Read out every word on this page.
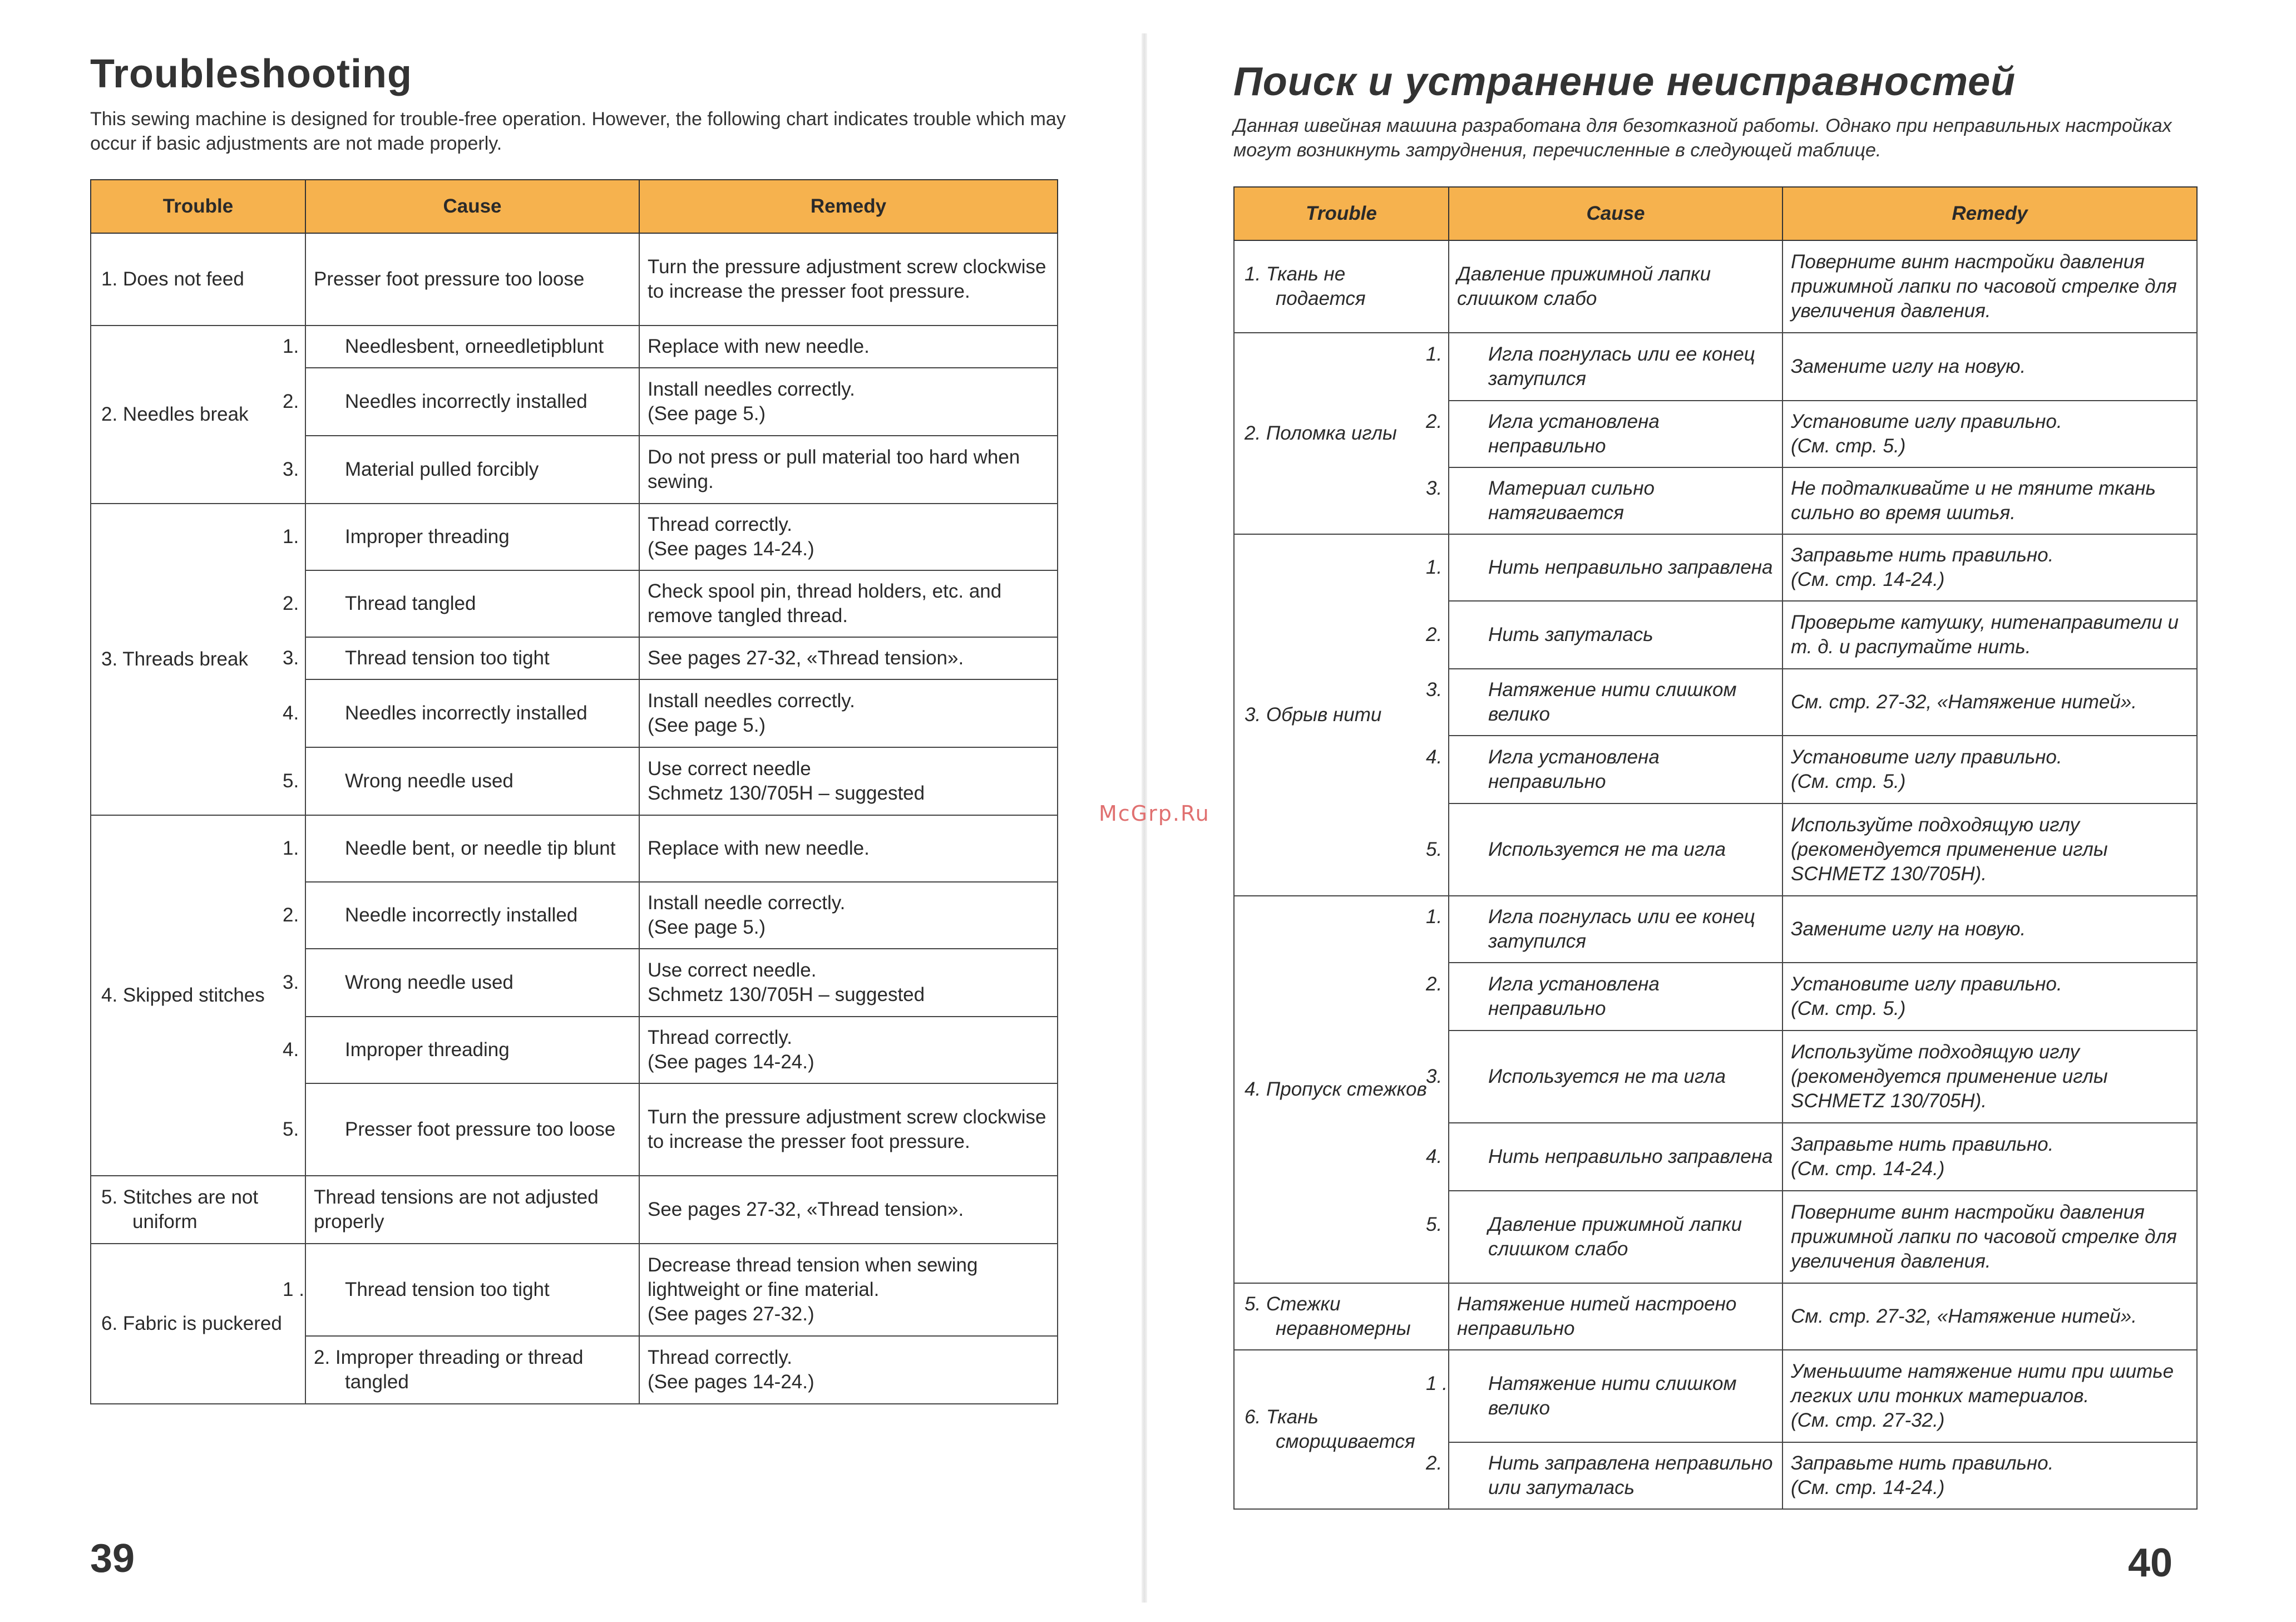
Troubleshooting
This sewing machine is designed for trouble-free operation. However, the following chart indicates trouble which may occur if basic adjustments are not made properly.
Trouble	Cause	Remedy
1. Does not feed	Presser foot pressure too loose	Turn the pressure adjustment screw clockwise to increase the presser foot pressure.
2. Needles break	1. Needlesbent, orneedletipblunt	Replace with new needle.

	2. Needles incorrectly installed	Install needles correctly.
(See page 5.)

	3. Material pulled forcibly	Do not press or pull material too hard when sewing.
3. Threads break	1. Improper threading	Thread correctly.
(See pages 14-24.)

	2. Thread tangled	Check spool pin, thread holders, etc. and remove tangled thread.

	3. Thread tension too tight	See pages 27-32, «Thread tension».

	4. Needles incorrectly installed	Install needles correctly.
(See page 5.)

	5. Wrong needle used	Use correct needle
Schmetz 130/705H – suggested
4. Skipped stitches	1. Needle bent, or needle tip blunt	Replace with new needle.

	2. Needle incorrectly installed	Install needle correctly.
(See page 5.)

	3. Wrong needle used	Use correct needle.
Schmetz 130/705H – suggested

	4. Improper threading	Thread correctly.
(See pages 14-24.)

	5. Presser foot pressure too loose	Turn the pressure adjustment screw clockwise to increase the presser foot pressure.

5. Stitches are not uniform	Thread tensions are not adjusted properly	See pages 27-32, «Thread tension».

6. Fabric is puckered	1 . Thread tension too tight	Decrease thread tension when sewing lightweight or fine material.
(See pages 27-32.)

	2. Improper threading or thread tangled	Thread correctly.
(See pages 14-24.)
39
Поиск и устранение неисправностей
Данная швейная машина разработана для безотказной работы. Однако при неправильных настройках могут возникнуть затруднения, перечисленные в следующей таблице.
Trouble	Cause	Remedy

1. Ткань не подается	Давление прижимной лапки слишком слабо	Поверните винт настройки давления прижимной лапки по часовой стрелке для увеличения давления.
2. Поломка иглы	1. Игла погнулась или ее конец затупился	Замените иглу на новую.

	2. Игла установлена неправильно	Установите иглу правильно.
(См. стр. 5.)

	3. Материал сильно натягивается	Не подталкивайте и не тяните ткань сильно во время шитья.
3. Обрыв нити	1. Нить неправильно заправлена	Заправьте нить правильно.
(См. стр. 14-24.)

	2. Нить запуталась	Проверьте катушку, нитенаправители и т. д. и распутайте нить.

	3. Натяжение нити слишком велико	См. стр. 27-32, «Натяжение нитей».

	4. Игла установлена неправильно	Установите иглу правильно.
(См. стр. 5.)

	5. Используется не та игла	Используйте подходящую иглу (рекомендуется применение иглы SCHMETZ 130/705H).
4. Пропуск стежков	1. Игла погнулась или ее конец затупился	Замените иглу на новую.

	2. Игла установлена неправильно	Установите иглу правильно.
(См. стр. 5.)

	3. Используется не та игла	Используйте подходящую иглу (рекомендуется применение иглы SCHMETZ 130/705H).

	4. Нить неправильно заправлена	Заправьте нить правильно.
(См. стр. 14-24.)

	5. Давление прижимной лапки слишком слабо	Поверните винт настройки давления прижимной лапки по часовой стрелке для увеличения давления.

5. Стежки неравномерны	Натяжение нитей настроено неправильно	См. стр. 27-32, «Натяжение нитей».

6. Ткань сморщивается	1 . Натяжение нити слишком велико	Уменьшите натяжение нити при шитье легких или тонких материалов.
(См. стр. 27-32.)

	2. Нить заправлена неправильно или запуталась	Заправьте нить правильно.
(См. стр. 14-24.)
40
McGrp.Ru
